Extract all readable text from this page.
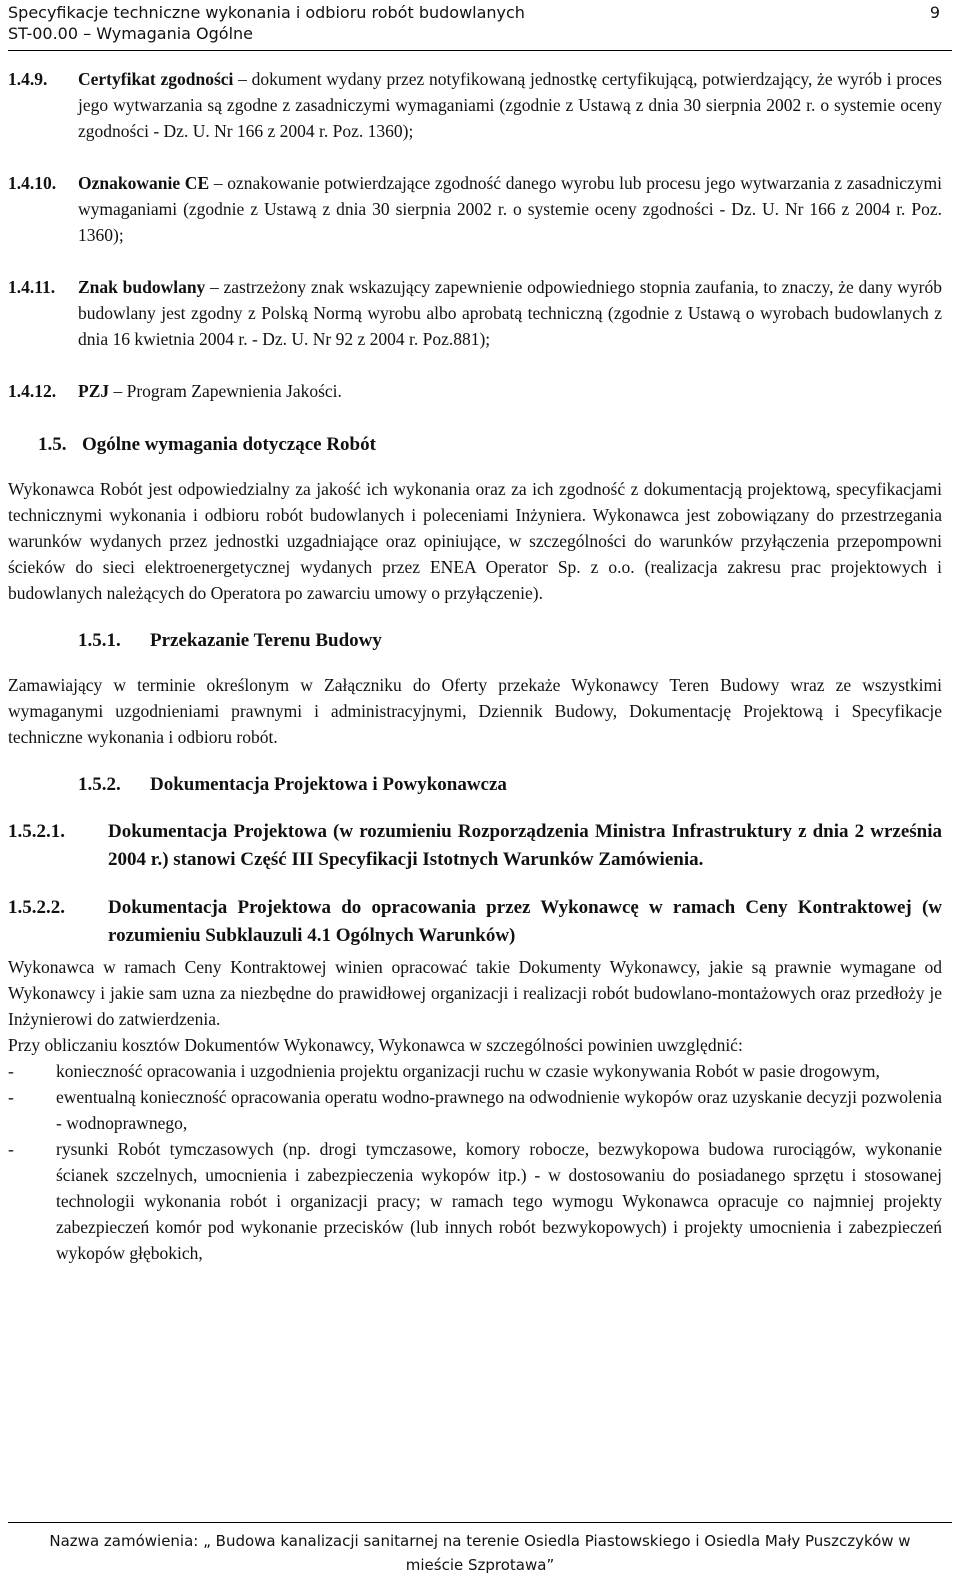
Specyfikacje techniczne wykonania i odbioru robót budowlanych
ST-00.00 – Wymagania Ogólne
9
1.4.9.	Certyfikat zgodności – dokument wydany przez notyfikowaną jednostkę certyfikującą, potwierdzający, że wyrób i proces jego wytwarzania są zgodne z zasadniczymi wymaganiami (zgodnie z Ustawą z dnia 30 sierpnia 2002 r. o systemie oceny zgodności - Dz. U. Nr 166 z 2004 r. Poz. 1360);

1.4.10.	Oznakowanie CE – oznakowanie potwierdzające zgodność danego wyrobu lub procesu jego wytwarzania z zasadniczymi wymaganiami (zgodnie z Ustawą z dnia 30 sierpnia 2002 r. o systemie oceny zgodności - Dz. U. Nr 166 z 2004 r. Poz. 1360);

1.4.11.	Znak budowlany – zastrzeżony znak wskazujący zapewnienie odpowiedniego stopnia zaufania, to znaczy, że dany wyrób budowlany jest zgodny z Polską Normą wyrobu albo aprobatą techniczną (zgodnie z Ustawą o wyrobach budowlanych z dnia 16 kwietnia 2004 r. - Dz. U. Nr 92 z 2004 r. Poz.881);

1.4.12.	PZJ – Program Zapewnienia Jakości.

1.5. Ogólne wymagania dotyczące Robót

Wykonawca Robót jest odpowiedzialny za jakość ich wykonania oraz za ich zgodność z dokumentacją projektową, specyfikacjami technicznymi wykonania i odbioru robót budowlanych i poleceniami Inżyniera. Wykonawca jest zobowiązany do przestrzegania warunków wydanych przez jednostki uzgadniające oraz opiniujące, w szczególności do warunków przyłączenia przepompowni ścieków do sieci elektroenergetycznej wydanych przez ENEA Operator Sp. z o.o. (realizacja zakresu prac projektowych i budowlanych należących do Operatora po zawarciu umowy o przyłączenie).

1.5.1.	Przekazanie Terenu Budowy

Zamawiający w terminie określonym w Załączniku do Oferty przekaże Wykonawcy Teren Budowy wraz ze wszystkimi wymaganymi uzgodnieniami prawnymi i administracyjnymi, Dziennik Budowy, Dokumentację Projektową i Specyfikacje techniczne wykonania i odbioru robót.

1.5.2.	Dokumentacja Projektowa i Powykonawcza
1.5.2.1.	Dokumentacja Projektowa (w rozumieniu Rozporządzenia Ministra Infrastruktury z dnia 2 września 2004 r.) stanowi Część III Specyfikacji Istotnych Warunków Zamówienia.
1.5.2.2.	Dokumentacja Projektowa do opracowania przez Wykonawcę w ramach Ceny Kontraktowej (w rozumieniu Subklauzuli 4.1 Ogólnych Warunków)

Wykonawca w ramach Ceny Kontraktowej winien opracować takie Dokumenty Wykonawcy, jakie są prawnie wymagane od Wykonawcy i jakie sam uzna za niezbędne do prawidłowej organizacji i realizacji robót budowlano-montażowych oraz przedłoży je Inżynierowi do zatwierdzenia.

Przy obliczaniu kosztów Dokumentów Wykonawcy, Wykonawca w szczególności powinien uwzględnić:

-	konieczność opracowania i uzgodnienia projektu organizacji ruchu w czasie wykonywania Robót w pasie drogowym,
-	ewentualną konieczność opracowania operatu wodno-prawnego na odwodnienie wykopów oraz uzyskanie decyzji pozwolenia - wodnoprawnego,
-	rysunki Robót tymczasowych (np. drogi tymczasowe, komory robocze, bezwykopowa budowa rurociągów, wykonanie ścianek szczelnych, umocnienia i zabezpieczenia wykopów itp.) - w dostosowaniu do posiadanego sprzętu i stosowanej technologii wykonania robót i organizacji pracy; w ramach tego wymogu Wykonawca opracuje co najmniej projekty zabezpieczeń komór pod wykonanie przecisków (lub innych robót bezwykopowych) i projekty umocnienia i zabezpieczeń wykopów głębokich,
Nazwa zamówienia: „ Budowa kanalizacji sanitarnej na terenie Osiedla Piastowskiego i Osiedla Mały Puszczyków w mieście Szprotawa”
